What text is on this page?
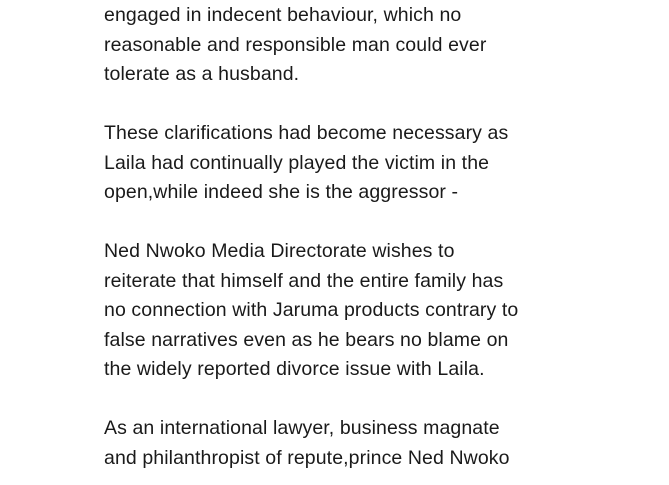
engaged in indecent behaviour, which no
reasonable and responsible man could ever
tolerate as a husband.

These clarifications had become necessary as
Laila had continually played the victim in the
open,while indeed she is the aggressor -

Ned Nwoko Media Directorate wishes to
reiterate that himself and the entire family has
no connection with Jaruma products contrary to
false narratives even as he bears no blame on
the widely reported divorce issue with Laila.

As an international lawyer, business magnate
and philanthropist of repute,prince Ned Nwoko
